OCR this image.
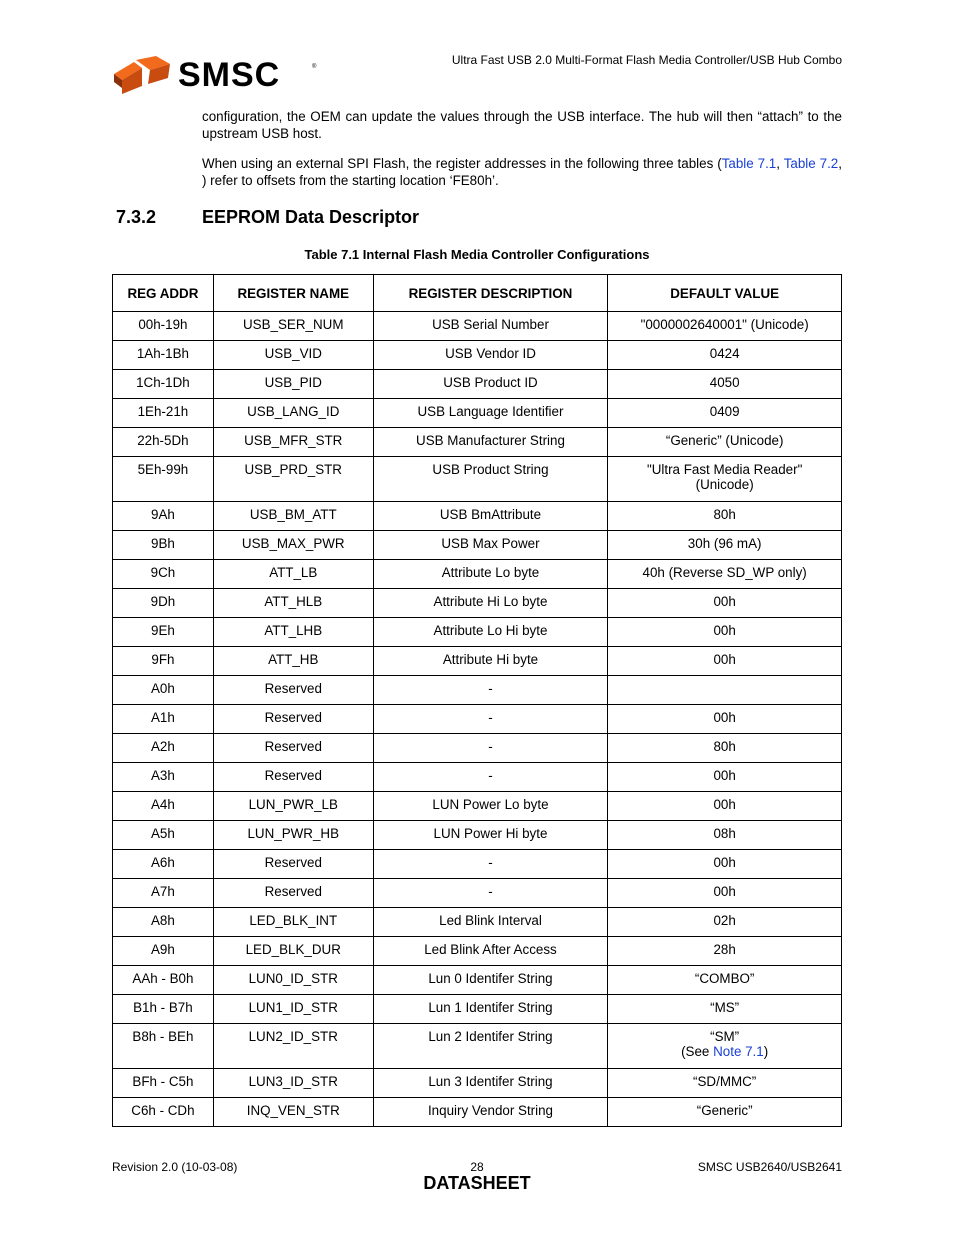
SMSC	®	Ultra Fast USB 2.0 Multi-Format Flash Media Controller/USB Hub Combo
configuration, the OEM can update the values through the USB interface. The hub will then “attach” to the upstream USB host.
When using an external SPI Flash, the register addresses in the following three tables (Table 7.1, Table 7.2, ) refer to offsets from the starting location ‘FE80h’.
7.3.2	EEPROM Data Descriptor
Table 7.1 Internal Flash Media Controller Configurations
REG ADDR	REGISTER NAME	REGISTER DESCRIPTION	DEFAULT VALUE
00h-19h	USB_SER_NUM	USB Serial Number	"0000002640001" (Unicode)
1Ah-1Bh	USB_VID	USB Vendor ID	0424
1Ch-1Dh	USB_PID	USB Product ID	4050
1Eh-21h	USB_LANG_ID	USB Language Identifier	0409
22h-5Dh	USB_MFR_STR	USB Manufacturer String	“Generic” (Unicode)
5Eh-99h	USB_PRD_STR	USB Product String	"Ultra Fast Media Reader"
(Unicode)

9Ah	USB_BM_ATT	USB BmAttribute	80h
9Bh	USB_MAX_PWR	USB Max Power	30h (96 mA)
9Ch	ATT_LB	Attribute Lo byte	40h (Reverse SD_WP only)
9Dh	ATT_HLB	Attribute Hi Lo byte	00h
9Eh	ATT_LHB	Attribute Lo Hi byte	00h
9Fh	ATT_HB	Attribute Hi byte	00h
A0h	Reserved	-	
A1h	Reserved	-	00h
A2h	Reserved	-	80h
A3h	Reserved	-	00h
A4h	LUN_PWR_LB	LUN Power Lo byte	00h
A5h	LUN_PWR_HB	LUN Power Hi byte	08h
A6h	Reserved	-	00h
A7h	Reserved	-	00h
A8h	LED_BLK_INT	Led Blink Interval	02h
A9h	LED_BLK_DUR	Led Blink After Access	28h
AAh - B0h	LUN0_ID_STR	Lun 0 Identifer String	“COMBO”
B1h - B7h	LUN1_ID_STR	Lun 1 Identifer String	“MS”
B8h - BEh	LUN2_ID_STR	Lun 2 Identifer String	“SM”
(See Note 7.1)

BFh - C5h	LUN3_ID_STR	Lun 3 Identifer String	“SD/MMC”
C6h - CDh	INQ_VEN_STR	Inquiry Vendor String	“Generic”
Revision 2.0 (10-03-08)	28
DATASHEET
SMSC USB2640/USB2641
